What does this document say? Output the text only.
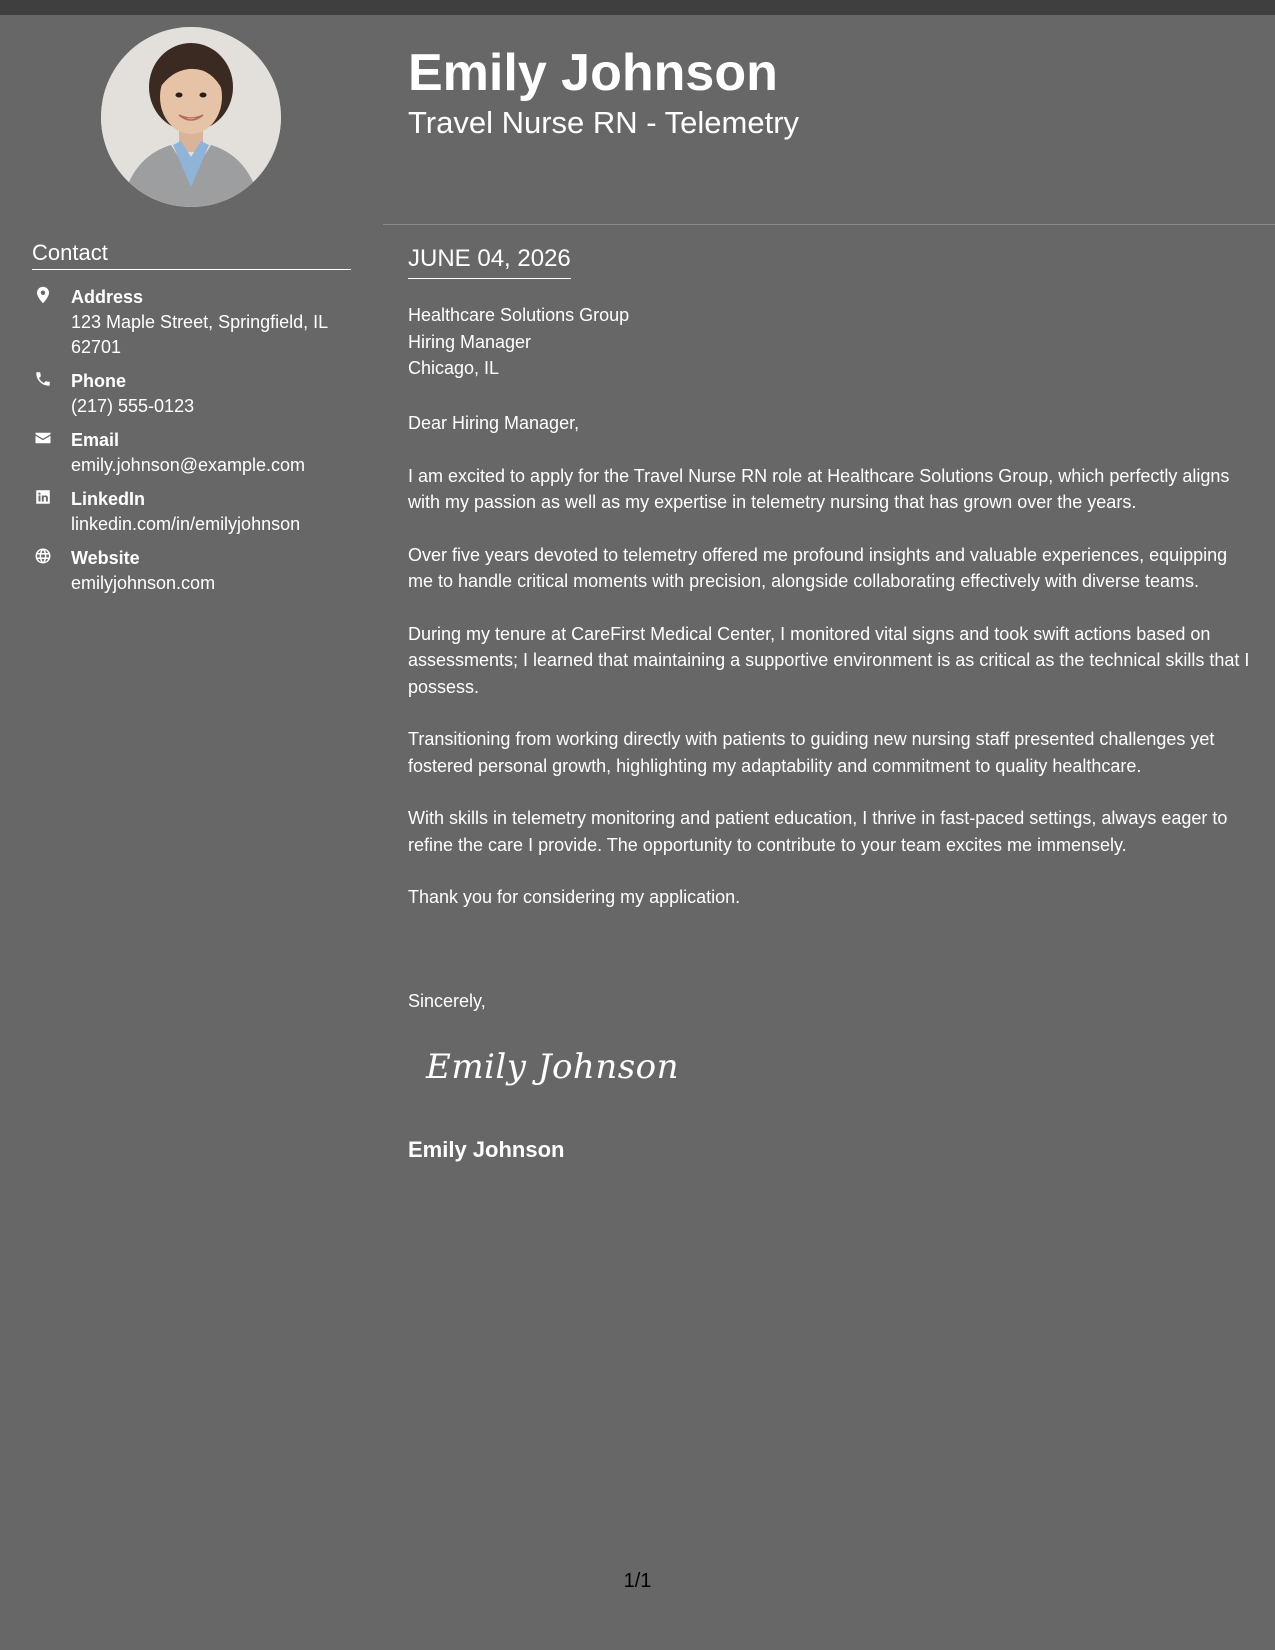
Contact
Address
123 Maple Street, Springfield, IL 62701
Phone
(217) 555-0123
Email
emily.johnson@example.com
LinkedIn
linkedin.com/in/emilyjohnson
Website
emilyjohnson.com
Emily Johnson
Travel Nurse RN - Telemetry
JUNE 04, 2026
Healthcare Solutions Group
Hiring Manager
Chicago, IL

Dear Hiring Manager,

I am excited to apply for the Travel Nurse RN role at Healthcare Solutions Group, which perfectly aligns with my passion as well as my expertise in telemetry nursing that has grown over the years.

Over five years devoted to telemetry offered me profound insights and valuable experiences, equipping me to handle critical moments with precision, alongside collaborating effectively with diverse teams.

During my tenure at CareFirst Medical Center, I monitored vital signs and took swift actions based on assessments; I learned that maintaining a supportive environment is as critical as the technical skills that I possess.

Transitioning from working directly with patients to guiding new nursing staff presented challenges yet fostered personal growth, highlighting my adaptability and commitment to quality healthcare.

With skills in telemetry monitoring and patient education, I thrive in fast-paced settings, always eager to refine the care I provide. The opportunity to contribute to your team excites me immensely.

Thank you for considering my application.

Sincerely,
Emily Johnson
Emily Johnson
1/1
